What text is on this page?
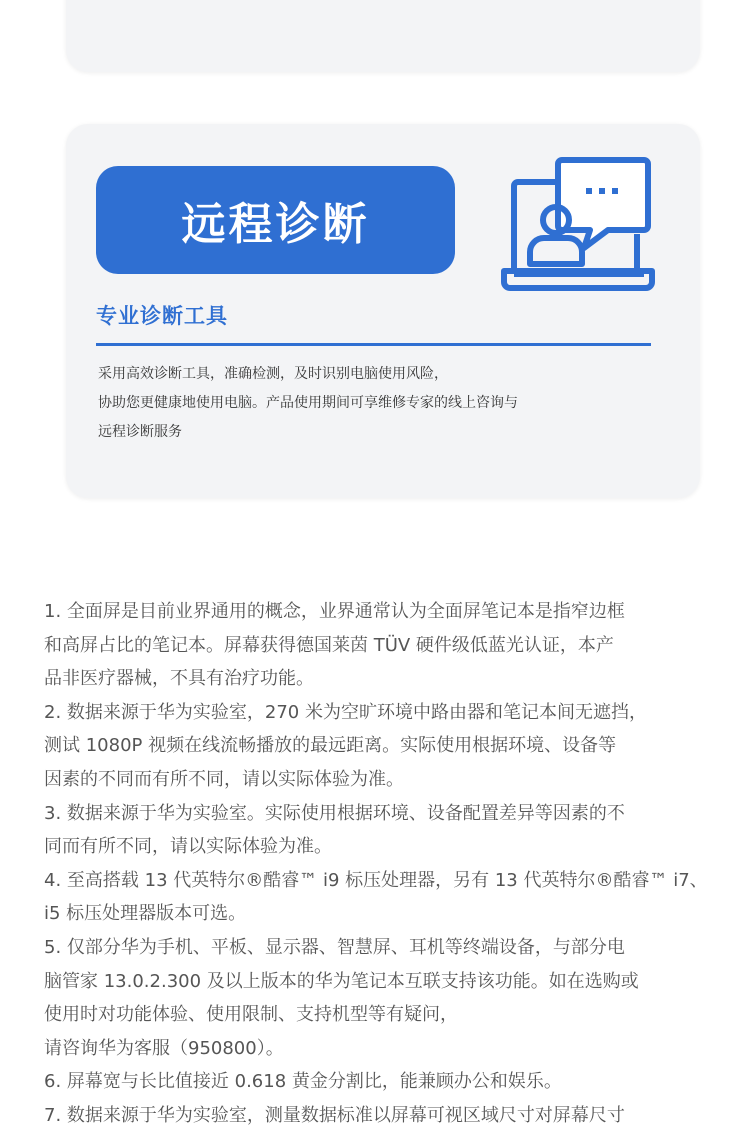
远程诊断
专业诊断工具
采用高效诊断工具，准确检测，及时识别电脑使用风险，
协助您更健康地使用电脑。产品使用期间可享维修专家的线上咨询与
远程诊断服务
1. 全面屏是目前业界通用的概念，业界通常认为全面屏笔记本是指窄边框
和高屏占比的笔记本。屏幕获得德国莱茵 TÜV 硬件级低蓝光认证，本产
品非医疗器械，不具有治疗功能。
2. 数据来源于华为实验室，270 米为空旷环境中路由器和笔记本间无遮挡，
测试 1080P 视频在线流畅播放的最远距离。实际使用根据环境、设备等
因素的不同而有所不同，请以实际体验为准。
3. 数据来源于华为实验室。实际使用根据环境、设备配置差异等因素的不
同而有所不同，请以实际体验为准。
4. 至高搭载 13 代英特尔®酷睿™ i9 标压处理器，另有 13 代英特尔®酷睿™ i7、
i5 标压处理器版本可选。
5. 仅部分华为手机、平板、显示器、智慧屏、耳机等终端设备，与部分电
脑管家 13.0.2.300 及以上版本的华为笔记本互联支持该功能。如在选购或
使用时对功能体验、使用限制、支持机型等有疑问，
请咨询华为客服（950800）。
6. 屏幕宽与长比值接近 0.618 黄金分割比，能兼顾办公和娱乐。
7. 数据来源于华为实验室，测量数据标准以屏幕可视区域尺寸对屏幕尺寸
